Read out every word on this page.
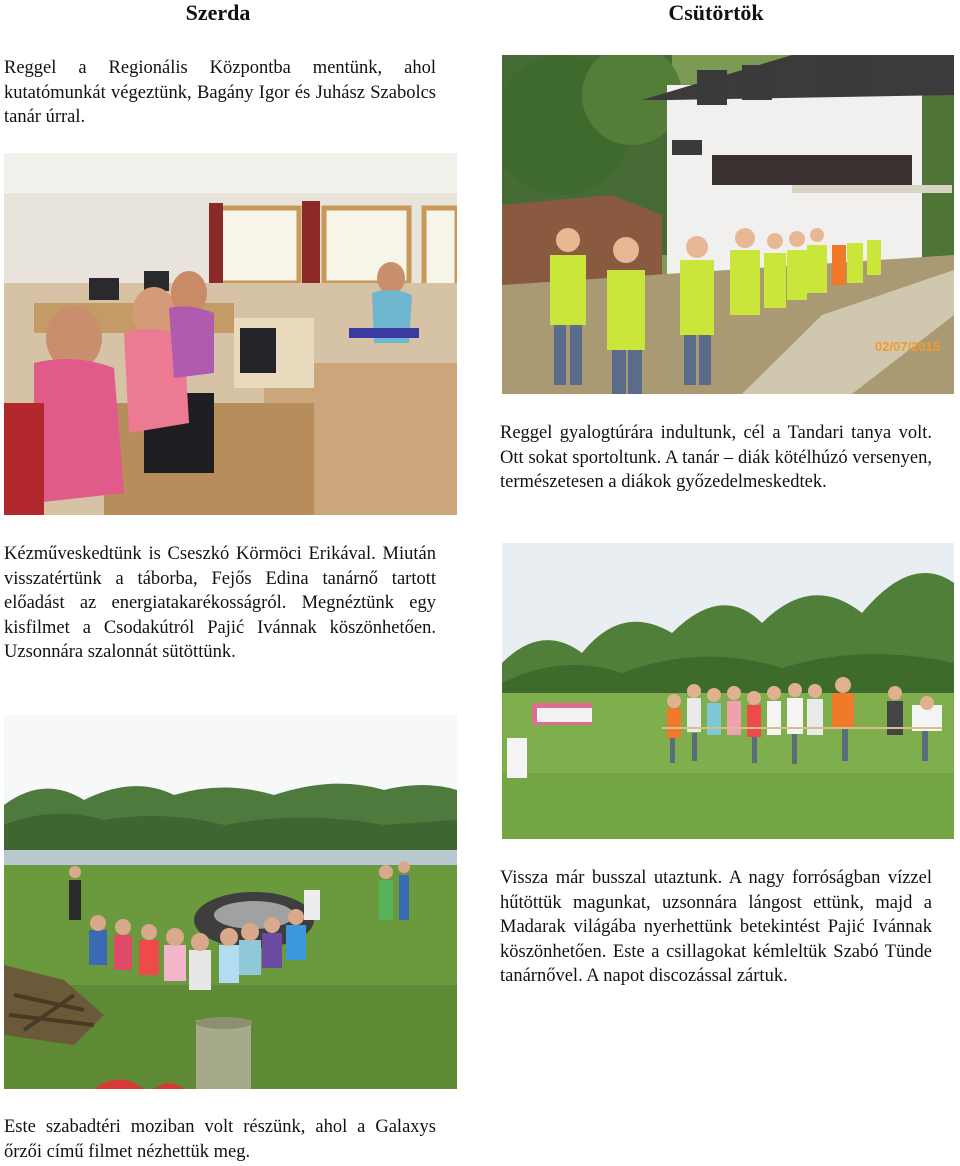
Szerda	Csütörtök

Reggel a Regionális Központba mentünk, ahol kutatómunkát végeztünk, Bagány Igor és Juhász Szabolcs tanár úrral.

Kézműveskedtünk is Cseszkó Körmöci Erikával. Miután visszatértünk a táborba, Fejős Edina tanárnő tartott előadást az energiatakarékosságról. Megnéztünk egy kisfilmet a Csodakútról Pajić Ivánnak köszönhetően. Uzsonnára szalonnát sütöttünk.

Este szabadtéri moziban volt részünk, ahol a Galaxys őrzői című filmet nézhettük meg.

Reggel gyalogtúrára indultunk, cél a Tandari tanya volt. Ott sokat sportoltunk. A tanár – diák kötélhúzó versenyen, természetesen a diákok győzedelmeskedtek.

Vissza már busszal utaztunk. A nagy forróságban vízzel hűtöttük magunkat, uzsonnára lángost ettünk, majd a Madarak világába nyerhettünk betekintést Pajić Ivánnak köszönhetően. Este a csillagokat kémleltük Szabó Tünde tanárnővel. A napot discozással zártuk.

02/07/2015
